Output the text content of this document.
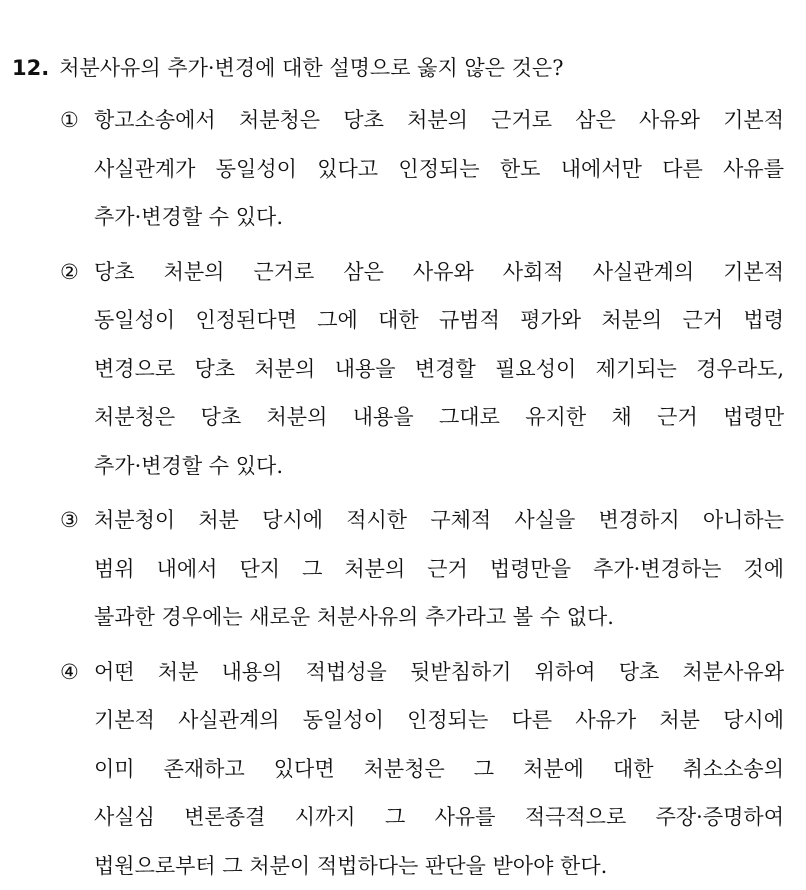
12. 처분사유의 추가·변경에 대한 설명으로 옳지 않은 것은?
① 항고소송에서 처분청은 당초 처분의 근거로 삼은 사유와 기본적
사실관계가 동일성이 있다고 인정되는 한도 내에서만 다른 사유를
추가·변경할 수 있다.
② 당초 처분의 근거로 삼은 사유와 사회적 사실관계의 기본적
동일성이 인정된다면 그에 대한 규범적 평가와 처분의 근거 법령
변경으로 당초 처분의 내용을 변경할 필요성이 제기되는 경우라도,
처분청은 당초 처분의 내용을 그대로 유지한 채 근거 법령만
추가·변경할 수 있다.
③ 처분청이 처분 당시에 적시한 구체적 사실을 변경하지 아니하는
범위 내에서 단지 그 처분의 근거 법령만을 추가·변경하는 것에
불과한 경우에는 새로운 처분사유의 추가라고 볼 수 없다.
④ 어떤 처분 내용의 적법성을 뒷받침하기 위하여 당초 처분사유와
기본적 사실관계의 동일성이 인정되는 다른 사유가 처분 당시에
이미 존재하고 있다면 처분청은 그 처분에 대한 취소소송의
사실심 변론종결 시까지 그 사유를 적극적으로 주장·증명하여
법원으로부터 그 처분이 적법하다는 판단을 받아야 한다.
